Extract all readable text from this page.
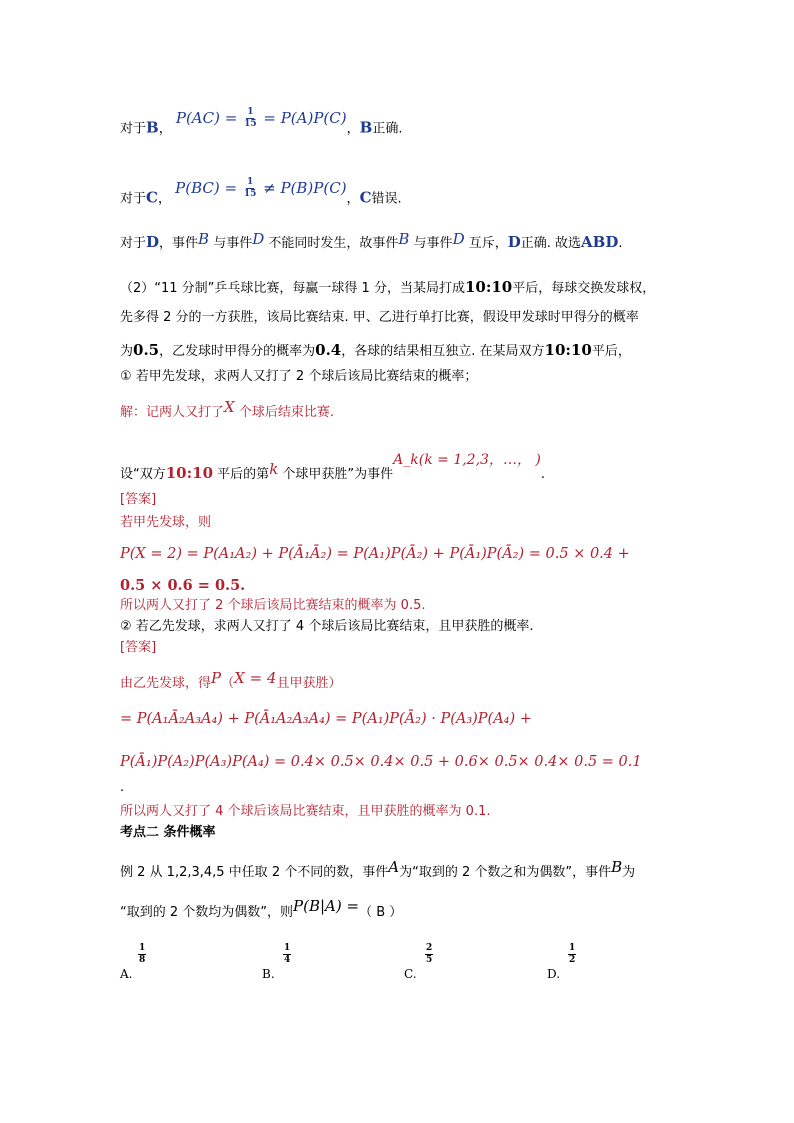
对于B， $P(AC) = \frac{1}{15} = P(A)P(C)$，B正确.
对于C， $P(BC) = \frac{1}{15} \ne P(B)P(C)$，C错误.
对于D，事件B 与事件D 不能同时发生，故事件B 与事件D 互斥，D正确. 故选ABD.
（2）“11 分制”乒乓球比赛，每赢一球得 1 分，当某局打成10:10平后，每球交换发球权，
先多得 2 分的一方获胜，该局比赛结束. 甲、乙进行单打比赛，假设甲发球时甲得分的概率
为0.5，乙发球时甲得分的概率为0.4，各球的结果相互独立. 在某局双方10:10平后，
① 若甲先发球，求两人又打了 2 个球后该局比赛结束的概率；
解：记两人又打了X 个球后结束比赛.
设“双方10:10 平后的第k 个球甲获胜”为事件A_k(k = 1,2,3，…， ).
[答案]
若甲先发球，则
P(X = 2) = P(A₁A₂) + P(Ā₁Ā₂) = P(A₁)P(Ā₂) + P(Ā₁)P(Ā₂) = 0.5 × 0.4 +
0.5 × 0.6 = 0.5.
所以两人又打了 2 个球后该局比赛结束的概率为 0.5.
② 若乙先发球，求两人又打了 4 个球后该局比赛结束，且甲获胜的概率.
[答案]
由乙先发球，得P（X = 4且甲获胜）
= P(A₁Ā₂A₃A₄) + P(Ā₁A₂A₃A₄) = P(A₁)P(Ā₂) · P(A₃)P(A₄) +
P(Ā₁)P(A₂)P(A₃)P(A₄) = 0.4× 0.5× 0.4× 0.5 + 0.6× 0.5× 0.4× 0.5 = 0.1
.
所以两人又打了 4 个球后该局比赛结束，且甲获胜的概率为 0.1.
考点二 条件概率
例 2 从 1,2,3,4,5 中任取 2 个不同的数，事件A为“取到的 2 个数之和为偶数”，事件B为
“取到的 2 个数均为偶数”，则P(B|A) =（ B ）
A.
$\frac{1}{8}$
B.
$\frac{1}{4}$
C.
$\frac{2}{5}$
D.
$\frac{1}{2}$
